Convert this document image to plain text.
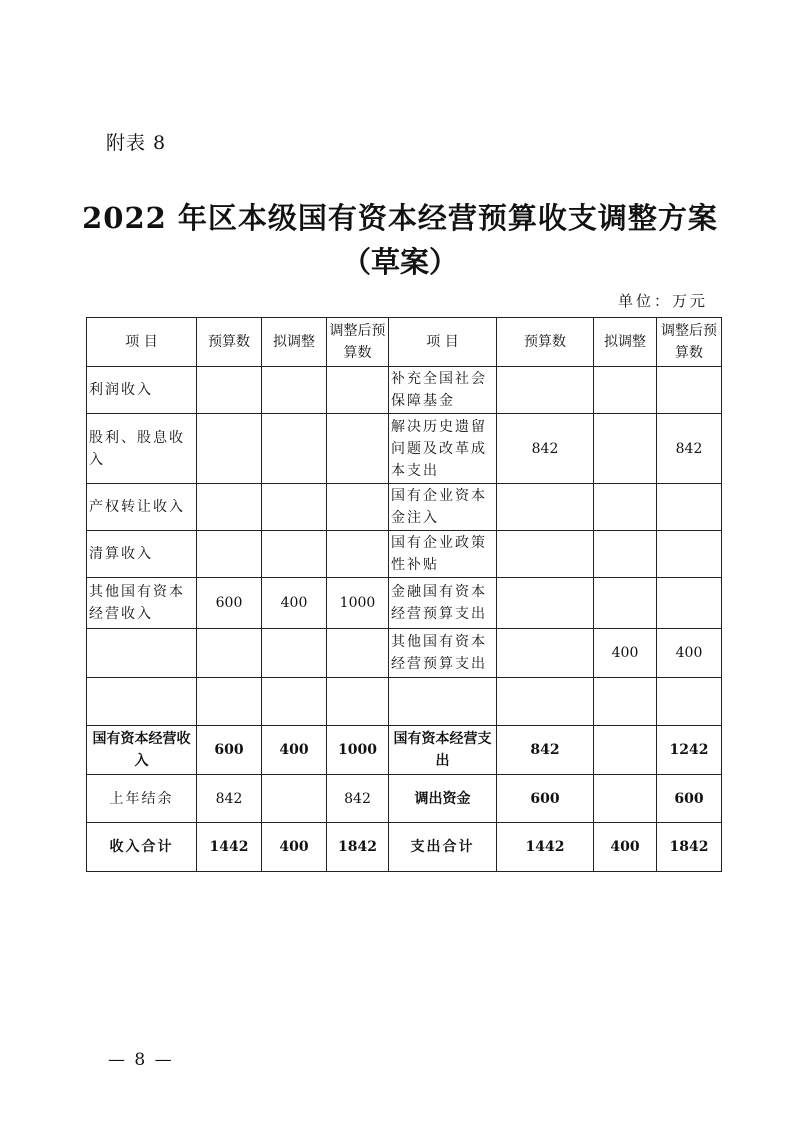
附表 8
2022 年区本级国有资本经营预算收支调整方案
（草案）
单位：万元
项 目	预算数	拟调整	调整后预算数	项 目	预算数	拟调整	调整后预算数
利润收入				补充全国社会保障基金			
股利、股息收入				解决历史遗留问题及改革成本支出	842		842
产权转让收入				国有企业资本金注入			
清算收入				国有企业政策性补贴			
其他国有资本经营收入	600	400	1000	金融国有资本经营预算支出			
				其他国有资本经营预算支出		400	400

国有资本经营收入	600	400	1000	国有资本经营支出	842		1242
上年结余	842		842	调出资金	600		600
收入合计	1442	400	1842	支出合计	1442	400	1842
— 8 —
